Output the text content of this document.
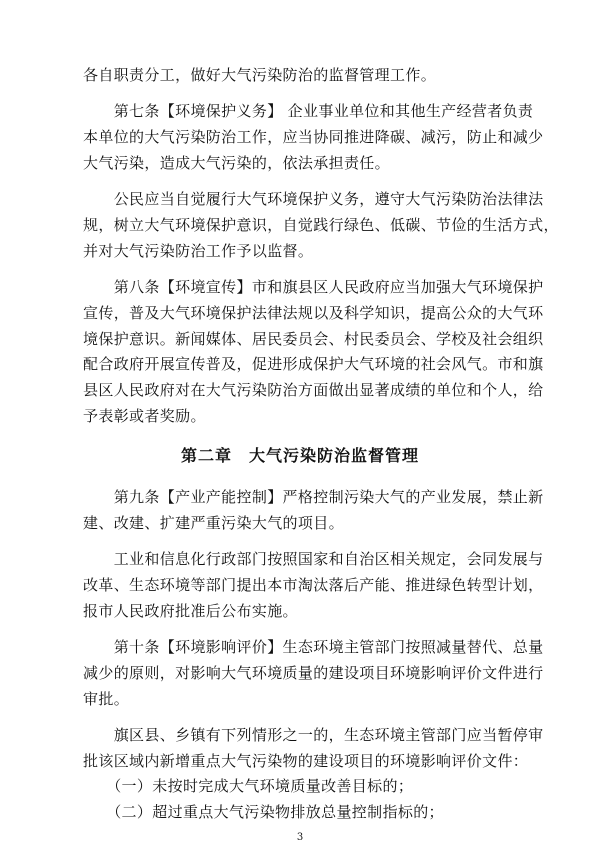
各自职责分工，做好大气污染防治的监督管理工作。
　　第七条【环境保护义务】 企业事业单位和其他生产经营者负责
本单位的大气污染防治工作，应当协同推进降碳、减污，防止和减少
大气污染，造成大气污染的，依法承担责任。
　　公民应当自觉履行大气环境保护义务，遵守大气污染防治法律法
规，树立大气环境保护意识，自觉践行绿色、低碳、节俭的生活方式，
并对大气污染防治工作予以监督。
　　第八条【环境宣传】市和旗县区人民政府应当加强大气环境保护
宣传，普及大气环境保护法律法规以及科学知识，提高公众的大气环
境保护意识。新闻媒体、居民委员会、村民委员会、学校及社会组织
配合政府开展宣传普及，促进形成保护大气环境的社会风气。市和旗
县区人民政府对在大气污染防治方面做出显著成绩的单位和个人，给
予表彰或者奖励。
第二章　大气污染防治监督管理
　　第九条【产业产能控制】严格控制污染大气的产业发展，禁止新
建、改建、扩建严重污染大气的项目。
　　工业和信息化行政部门按照国家和自治区相关规定，会同发展与
改革、生态环境等部门提出本市淘汰落后产能、推进绿色转型计划，
报市人民政府批准后公布实施。
　　第十条【环境影响评价】生态环境主管部门按照减量替代、总量
减少的原则，对影响大气环境质量的建设项目环境影响评价文件进行
审批。
　　旗区县、乡镇有下列情形之一的，生态环境主管部门应当暂停审
批该区域内新增重点大气污染物的建设项目的环境影响评价文件：
　　（一）未按时完成大气环境质量改善目标的；
　　（二）超过重点大气污染物排放总量控制指标的；
3
